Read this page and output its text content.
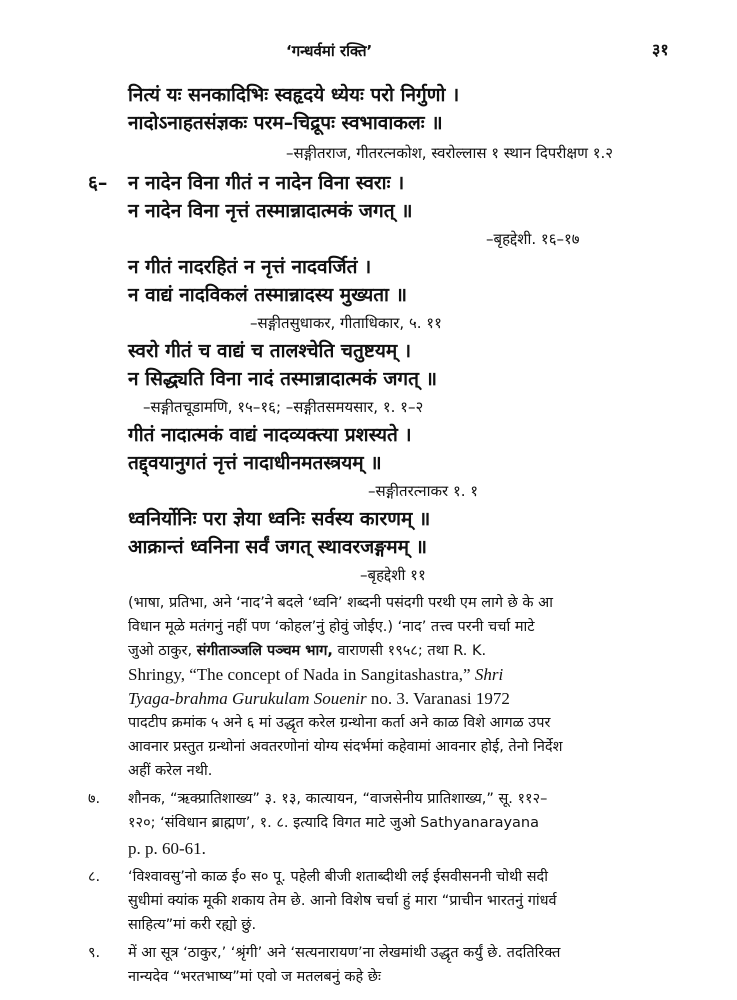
‘गन्धर्वमां रक्ति’	३१
नित्यं यः सनकादिभिः स्वहृदये ध्येयः परो निर्गुणो ।
नादोऽनाहतसंज्ञकः परम–चिद्रूपः स्वभावाकलः ॥
–सङ्गीतराज, गीतरत्नकोश, स्वरोल्लास १ स्थान दिपरीक्षण १.२
६– न नादेन विना गीतं न नादेन विना स्वराः ।
न नादेन विना नृत्तं तस्मान्नादात्मकं जगत् ॥
–बृहद्देशी. १६–१७
न गीतं नादरहितं न नृत्तं नादवर्जितं ।
न वाद्यं नादविकलं तस्मान्नादस्य मुख्यता ॥
–सङ्गीतसुधाकर, गीताधिकार, ५. ११
स्वरो गीतं च वाद्यं च तालश्चेति चतुष्टयम् ।
न सिद्ध्यति विना नादं तस्मान्नादात्मकं जगत् ॥
–सङ्गीतचूडामणि, १५–१६; –सङ्गीतसमयसार, १. १–२
गीतं नादात्मकं वाद्यं नादव्यक्त्या प्रशस्यते ।
तद्द्वयानुगतं नृत्तं नादाधीनमतस्त्रयम् ॥
–सङ्गीतरत्नाकर १. १
ध्वनिर्योनिः परा ज्ञेया ध्वनिः सर्वस्य कारणम् ॥
आक्रान्तं ध्वनिना सर्वं जगत् स्थावरजङ्गमम् ॥
–बृहद्देशी ११
(भाषा, प्रतिभा, अने ‘नाद’ने बदले ‘ध्वनि’ शब्दनी पसंदगी परथी एम लागे छे के आ
विधान मूळे मतंगनुं नहीं पण ‘कोहल’नुं होवुं जोईए.) ‘नाद’ तत्त्व परनी चर्चा माटे
जुओ ठाकुर, संगीताञ्जलि पञ्चम भाग, वाराणसी १९५८; तथा R. K.
Shringy, “The concept of Nada in Sangitashastra,” Shri
Tyaga-brahma Gurukulam Souenir no. 3. Varanasi 1972
पादटीप क्रमांक ५ अने ६ मां उद्धृत करेल ग्रन्थोना कर्ता अने काळ विशे आगळ उपर
आवनार प्रस्तुत ग्रन्थोनां अवतरणोनां योग्य संदर्भमां कहेवामां आवनार होई, तेनो निर्देश
अहीं करेल नथी.
७. शौनक, “ऋक्प्रातिशाख्य” ३. १३, कात्यायन, “वाजसेनीय प्रातिशाख्य,” सू. ११२–
१२०; ‘संविधान ब्राह्मण’, १. ८. इत्यादि विगत माटे जुओ Sathyanarayana
p. p. 60-61.
८. ‘विश्वावसु’नो काळ ई० स० पू. पहेली बीजी शताब्दीथी लई ईसवीसननी चोथी सदी
सुधीमां क्यांक मूकी शकाय तेम छे. आनो विशेष चर्चा हुं मारा “प्राचीन भारतनुं गांधर्व
साहित्य”मां करी रह्यो छुं.
९. में आ सूत्र ‘ठाकुर,’ ‘श्रृंगी’ अने ‘सत्यनारायण’ना लेखमांथी उद्धृत कर्युं छे. तदतिरिक्त
नान्यदेव “भरतभाष्य”मां एवो ज मतलबनुं कहे छेः
